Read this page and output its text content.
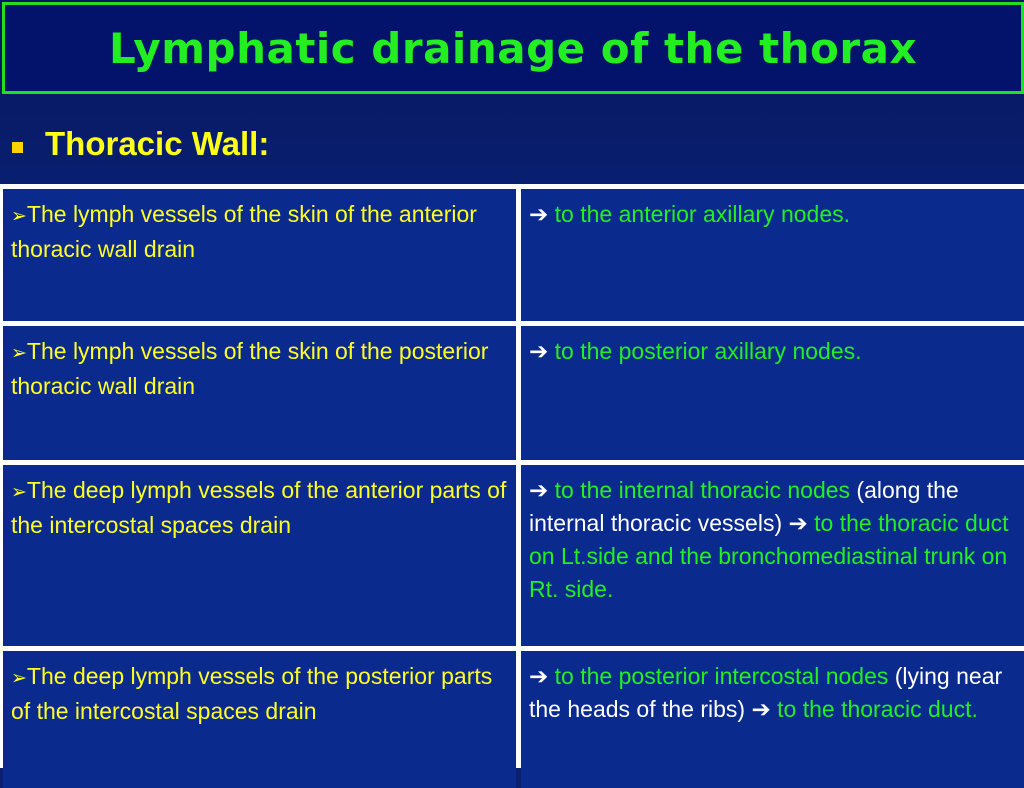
Lymphatic drainage of the thorax
Thoracic Wall:
➢The lymph vessels of the skin of the anterior thoracic wall drain
➔ to the anterior axillary nodes.
➢The lymph vessels of the skin of the posterior thoracic wall drain
➔ to the posterior axillary nodes.
➢The deep lymph vessels of the anterior parts of the intercostal spaces drain
➔ to the internal thoracic nodes (along the internal thoracic vessels) ➔ to the thoracic duct on Lt.side and the bronchomediastinal trunk on Rt. side.
➢The deep lymph vessels of the posterior parts of the intercostal spaces drain
➔ to the posterior intercostal nodes (lying near the heads of the ribs) ➔ to the thoracic duct.
